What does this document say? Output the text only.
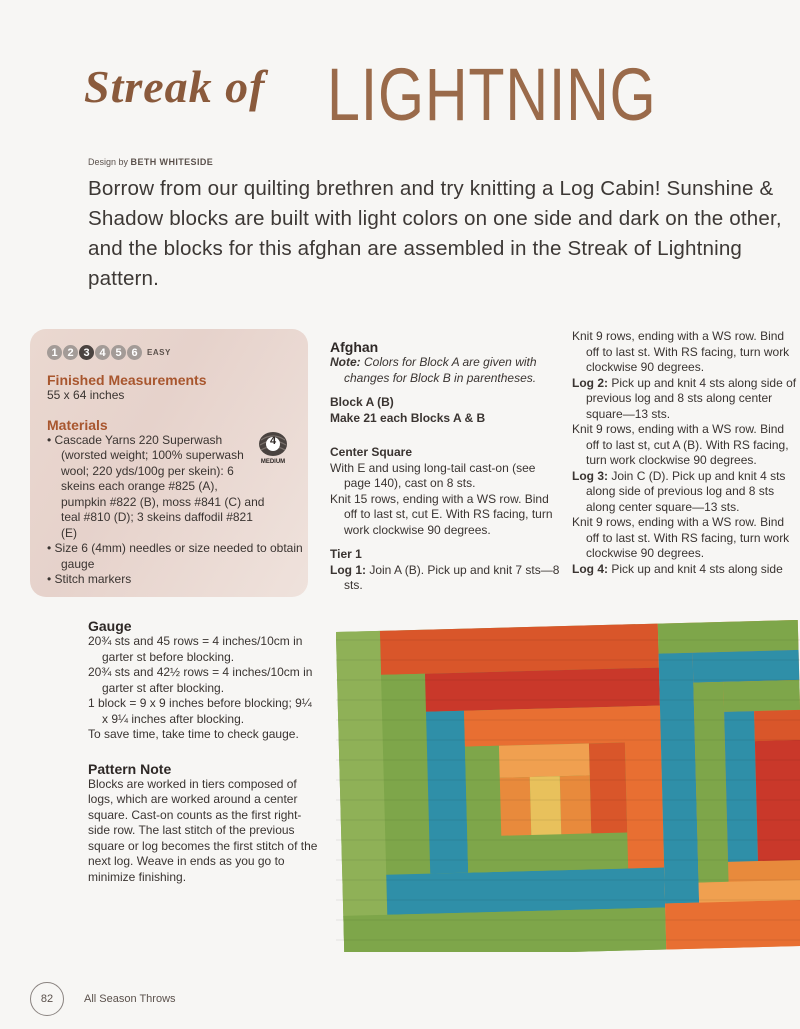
Streak of LIGHTNING
Design by BETH WHITESIDE
Borrow from our quilting brethren and try knitting a Log Cabin! Sunshine & Shadow blocks are built with light colors on one side and dark on the other, and the blocks for this afghan are assembled in the Streak of Lightning pattern.
1 2 3 4 5 6	EASY
Finished Measurements
55 x 64 inches
Materials
• Cascade Yarns 220 Superwash (worsted weight; 100% superwash wool; 220 yds/100g per skein): 6 skeins each orange #825 (A), pumpkin #822 (B), moss #841 (C) and teal #810 (D); 3 skeins daffodil #821 (E)
• Size 6 (4mm) needles or size needed to obtain gauge
• Stitch markers
4
MEDIUM
Gauge
20¾ sts and 45 rows = 4 inches/10cm in garter st before blocking.
20¾ sts and 42½ rows = 4 inches/10cm in garter st after blocking.
1 block = 9 x 9 inches before blocking; 9¼ x 9¼ inches after blocking.
To save time, take time to check gauge.
Pattern Note
Blocks are worked in tiers composed of logs, which are worked around a center square. Cast-on counts as the first right-side row. The last stitch of the previous square or log becomes the first stitch of the next log. Weave in ends as you go to minimize finishing.
Afghan
Note: Colors for Block A are given with changes for Block B in parentheses.
Block A (B)
Make 21 each Blocks A & B
Center Square
With E and using long-tail cast-on (see page 140), cast on 8 sts.
Knit 15 rows, ending with a WS row. Bind off to last st, cut E. With RS facing, turn work clockwise 90 degrees.
Tier 1
Log 1: Join A (B). Pick up and knit 7 sts—8 sts.
Knit 9 rows, ending with a WS row. Bind off to last st. With RS facing, turn work clockwise 90 degrees.
Log 2: Pick up and knit 4 sts along side of previous log and 8 sts along center square—13 sts.
Knit 9 rows, ending with a WS row. Bind off to last st, cut A (B). With RS facing, turn work clockwise 90 degrees.
Log 3: Join C (D). Pick up and knit 4 sts along side of previous log and 8 sts along center square—13 sts.
Knit 9 rows, ending with a WS row. Bind off to last st. With RS facing, turn work clockwise 90 degrees.
Log 4: Pick up and knit 4 sts along side
82	All Season Throws
